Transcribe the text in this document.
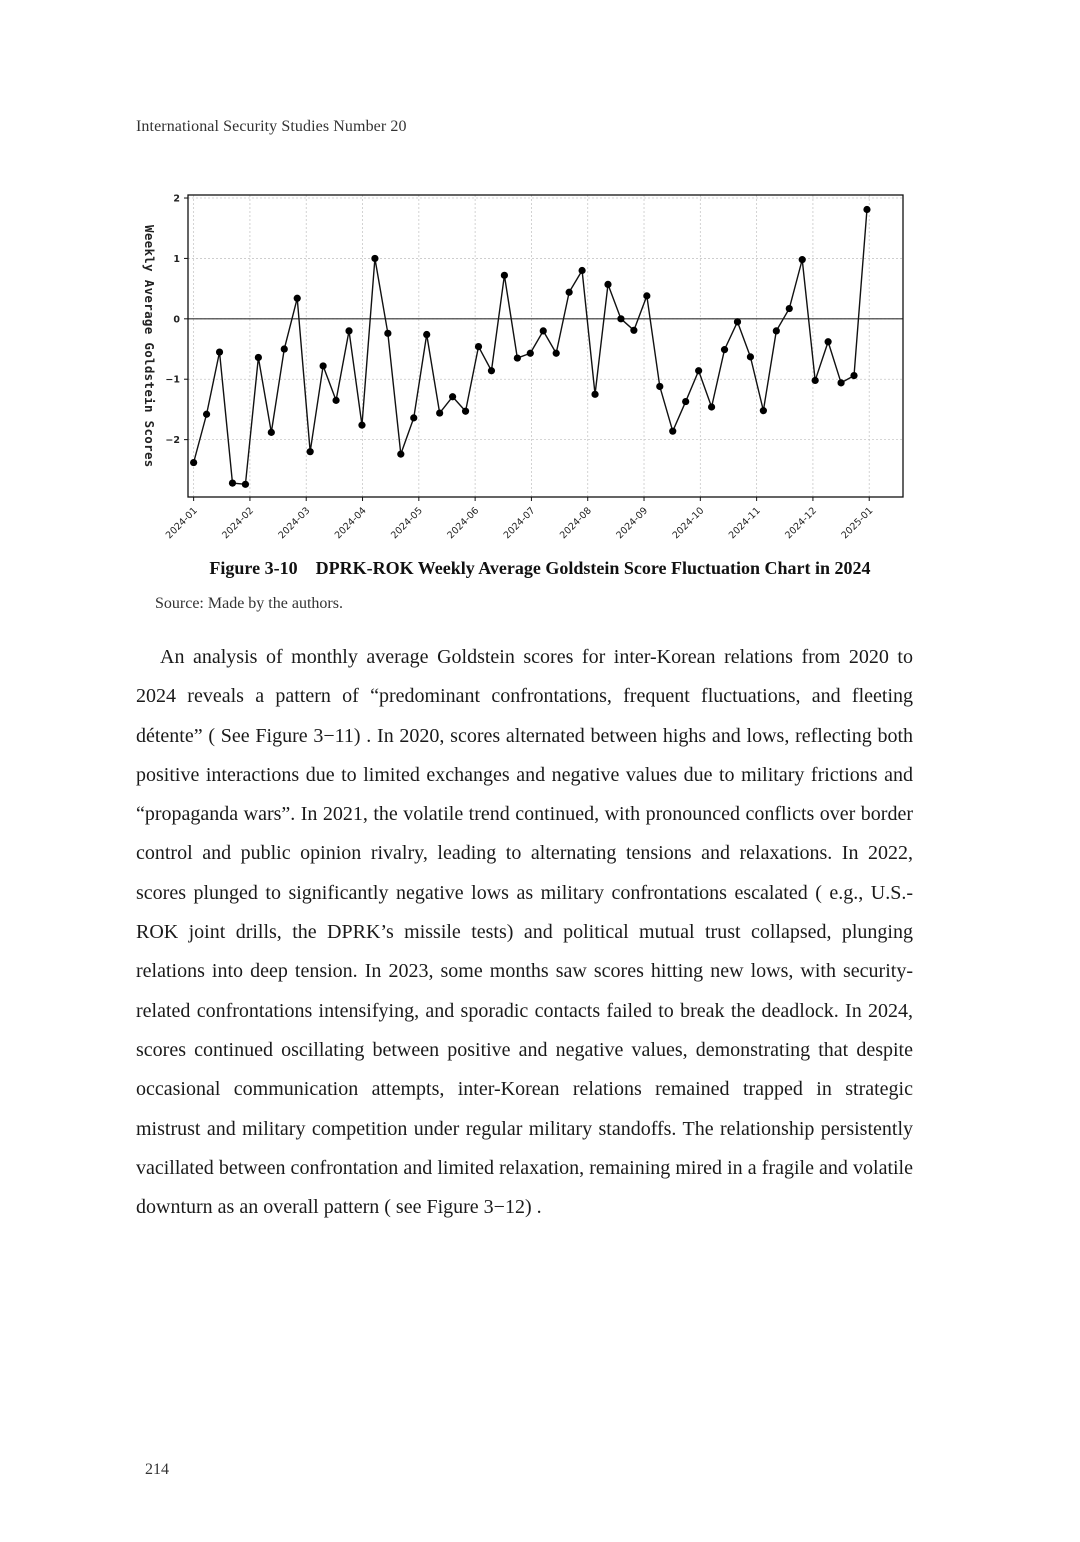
International Security Studies Number 20
Weekly Average Goldstein Scores
2
1
0
−1
−2
2024-01 2024-02 2024-03 2024-04 2024-05 2024-06 2024-07 2024-08 2024-09 2024-10 2024-11 2024-12 2025-01
Figure 3-10 DPRK-ROK Weekly Average Goldstein Score Fluctuation Chart in 2024
Source: Made by the authors.

An analysis of monthly average Goldstein scores for inter-Korean relations from 2020 to 2024 reveals a pattern of “predominant confrontations, frequent fluctuations, and fleeting détente” ( See Figure 3−11) . In 2020, scores alternated between highs and lows, reflecting both positive interactions due to limited exchanges and negative values due to military frictions and “propaganda wars”. In 2021, the volatile trend continued, with pronounced conflicts over border control and public opinion rivalry, leading to alternating tensions and relaxations. In 2022, scores plunged to significantly negative lows as military confrontations escalated ( e.g., U.S.-ROK joint drills, the DPRK’s missile tests) and political mutual trust collapsed, plunging relations into deep tension. In 2023, some months saw scores hitting new lows, with security-related confrontations intensifying, and sporadic contacts failed to break the deadlock. In 2024, scores continued oscillating between positive and negative values, demonstrating that despite occasional communication attempts, inter-Korean relations remained trapped in strategic mistrust and military competition under regular military standoffs. The relationship persistently vacillated between confrontation and limited relaxation, remaining mired in a fragile and volatile downturn as an overall pattern ( see Figure 3−12) .

214
